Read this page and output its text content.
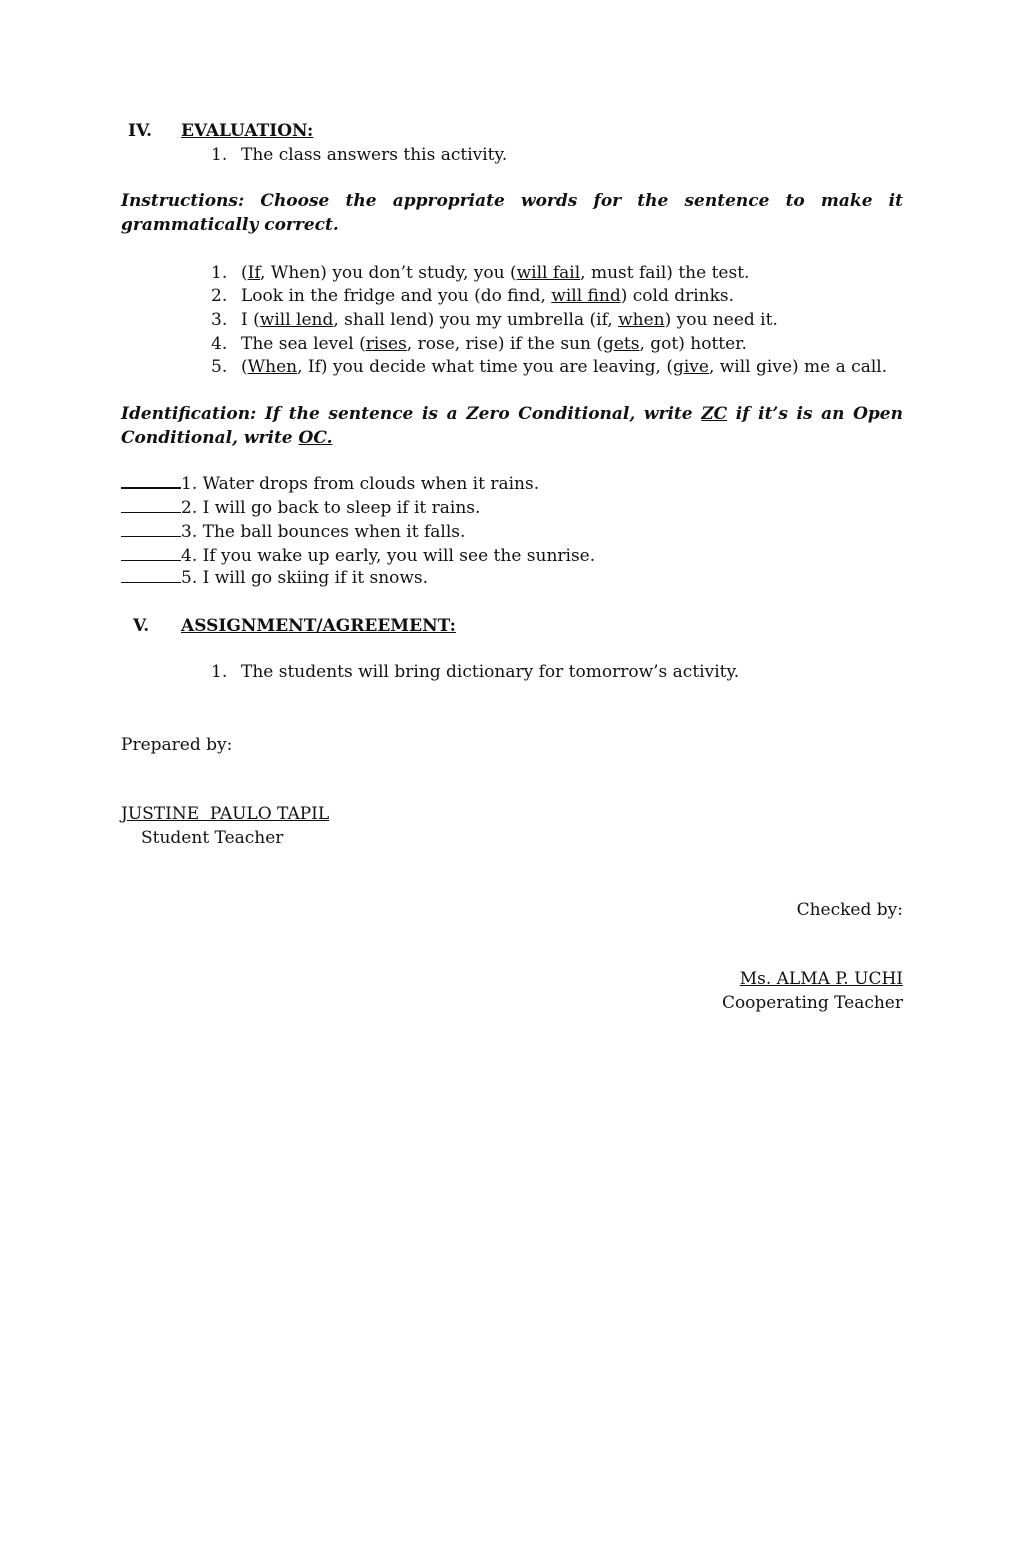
IV. EVALUATION:
1. The class answers this activity.
Instructions: Choose the appropriate words for the sentence to make it grammatically correct.
1. (If, When) you don’t study, you (will fail, must fail) the test.
2. Look in the fridge and you (do find, will find) cold drinks.
3. I (will lend, shall lend) you my umbrella (if, when) you need it.
4. The sea level (rises, rose, rise) if the sun (gets, got) hotter.
5. (When, If) you decide what time you are leaving, (give, will give) me a call.
Identification: If the sentence is a Zero Conditional, write ZC if it’s is an Open Conditional, write OC.
1. Water drops from clouds when it rains.
2. I will go back to sleep if it rains.
3. The ball bounces when it falls.
4. If you wake up early, you will see the sunrise.
5. I will go skiing if it snows.
V. ASSIGNMENT/AGREEMENT:
1. The students will bring dictionary for tomorrow’s activity.
Prepared by:
JUSTINE  PAULO TAPIL
Student Teacher
Checked by:
Ms. ALMA P. UCHI
Cooperating Teacher
